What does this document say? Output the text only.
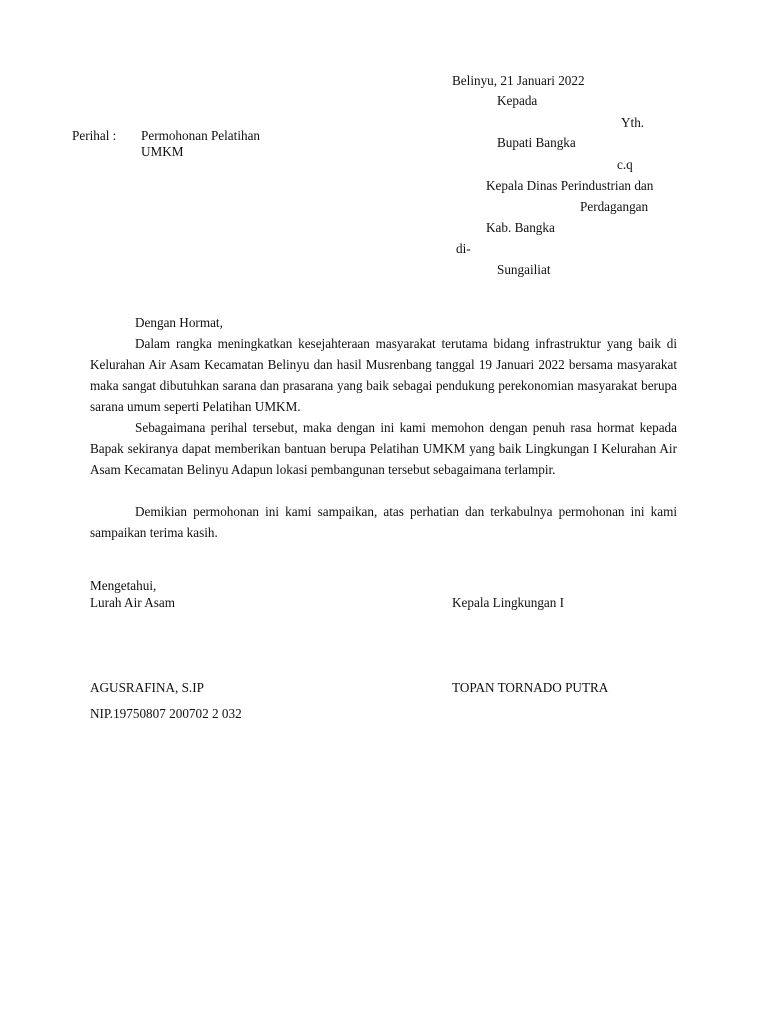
Belinyu, 21 Januari 2022
Kepada
Yth.
Bupati Bangka
c.q
Kepala Dinas Perindustrian dan
Perdagangan
Kab. Bangka
di-
Sungailiat
Perihal : Permohonan Pelatihan
UMKM
Dengan Hormat,

Dalam rangka meningkatkan kesejahteraan masyarakat terutama bidang infrastruktur yang baik di Kelurahan Air Asam Kecamatan Belinyu dan hasil Musrenbang tanggal 19 Januari 2022 bersama masyarakat maka sangat dibutuhkan sarana dan prasarana yang baik sebagai pendukung perekonomian masyarakat berupa sarana umum seperti Pelatihan UMKM.

Sebagaimana perihal tersebut, maka dengan ini kami memohon dengan penuh rasa hormat kepada Bapak sekiranya dapat memberikan bantuan berupa Pelatihan UMKM yang baik Lingkungan I Kelurahan Air Asam Kecamatan Belinyu Adapun lokasi pembangunan tersebut sebagaimana terlampir.

Demikian permohonan ini kami sampaikan, atas perhatian dan terkabulnya permohonan ini kami sampaikan terima kasih.

Mengetahui,
Lurah Air Asam	Kepala Lingkungan I
AGUSRAFINA, S.IP	TOPAN TORNADO PUTRA
NIP.19750807 200702 2 032
